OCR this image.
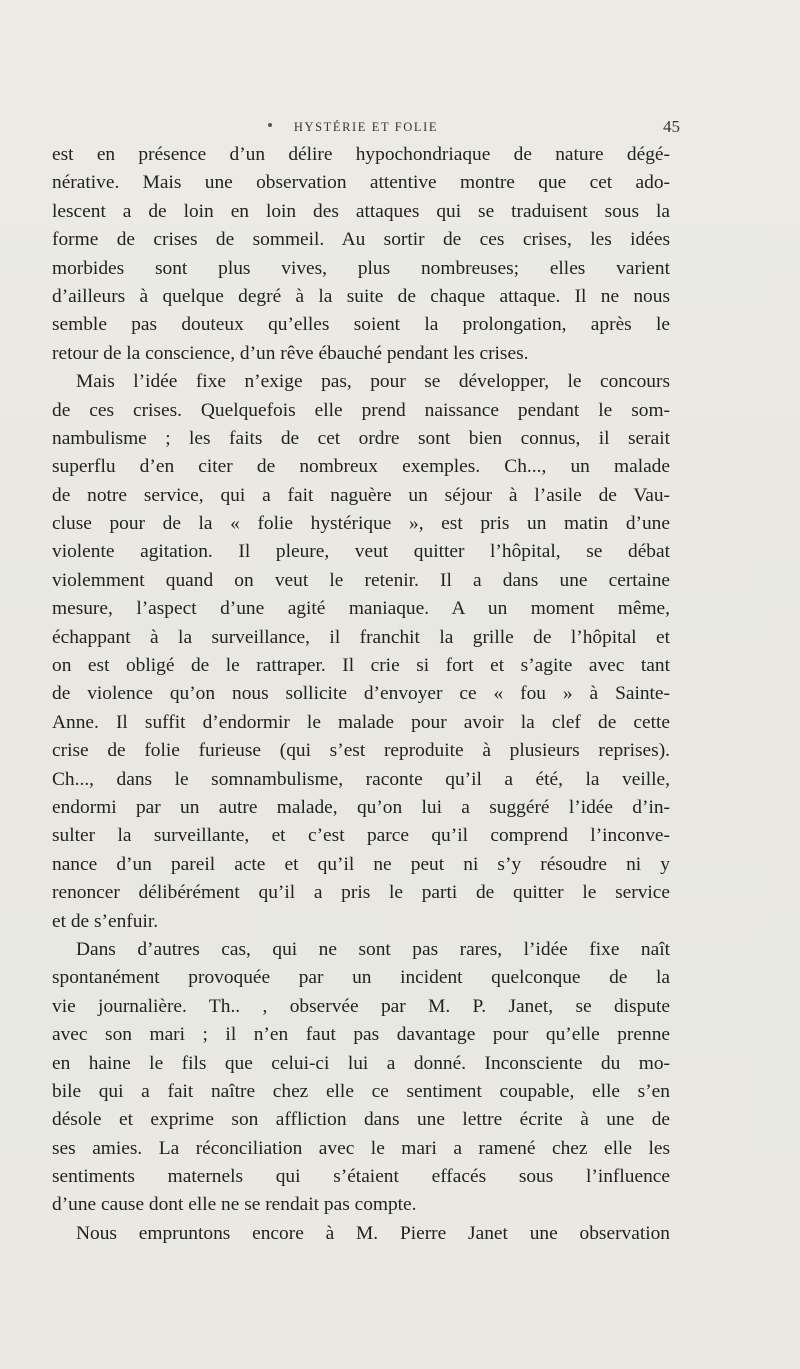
HYSTÉRIE ET FOLIE	45
est en présence d’un délire hypochondriaque de nature dégé-
nérative. Mais une observation attentive montre que cet ado-
lescent a de loin en loin des attaques qui se traduisent sous la
forme de crises de sommeil. Au sortir de ces crises, les idées
morbides sont plus vives, plus nombreuses; elles varient
d’ailleurs à quelque degré à la suite de chaque attaque. Il ne nous
semble pas douteux qu’elles soient la prolongation, après le
retour de la conscience, d’un rêve ébauché pendant les crises.
Mais l’idée fixe n’exige pas, pour se développer, le concours
de ces crises. Quelquefois elle prend naissance pendant le som-
nambulisme ; les faits de cet ordre sont bien connus, il serait
superflu d’en citer de nombreux exemples. Ch..., un malade
de notre service, qui a fait naguère un séjour à l’asile de Vau-
cluse pour de la « folie hystérique », est pris un matin d’une
violente agitation. Il pleure, veut quitter l’hôpital, se débat
violemment quand on veut le retenir. Il a dans une certaine
mesure, l’aspect d’une agité maniaque. A un moment même,
échappant à la surveillance, il franchit la grille de l’hôpital et
on est obligé de le rattraper. Il crie si fort et s’agite avec tant
de violence qu’on nous sollicite d’envoyer ce « fou » à Sainte-
Anne. Il suffit d’endormir le malade pour avoir la clef de cette
crise de folie furieuse (qui s’est reproduite à plusieurs reprises).
Ch..., dans le somnambulisme, raconte qu’il a été, la veille,
endormi par un autre malade, qu’on lui a suggéré l’idée d’in-
sulter la surveillante, et c’est parce qu’il comprend l’inconve-
nance d’un pareil acte et qu’il ne peut ni s’y résoudre ni y
renoncer délibérément qu’il a pris le parti de quitter le service
et de s’enfuir.
Dans d’autres cas, qui ne sont pas rares, l’idée fixe naît
spontanément provoquée par un incident quelconque de la
vie journalière. Th.. , observée par M. P. Janet, se dispute
avec son mari ; il n’en faut pas davantage pour qu’elle prenne
en haine le fils que celui-ci lui a donné. Inconsciente du mo-
bile qui a fait naître chez elle ce sentiment coupable, elle s’en
désole et exprime son affliction dans une lettre écrite à une de
ses amies. La réconciliation avec le mari a ramené chez elle les
sentiments maternels qui s’étaient effacés sous l’influence
d’une cause dont elle ne se rendait pas compte.
Nous empruntons encore à M. Pierre Janet une observation
